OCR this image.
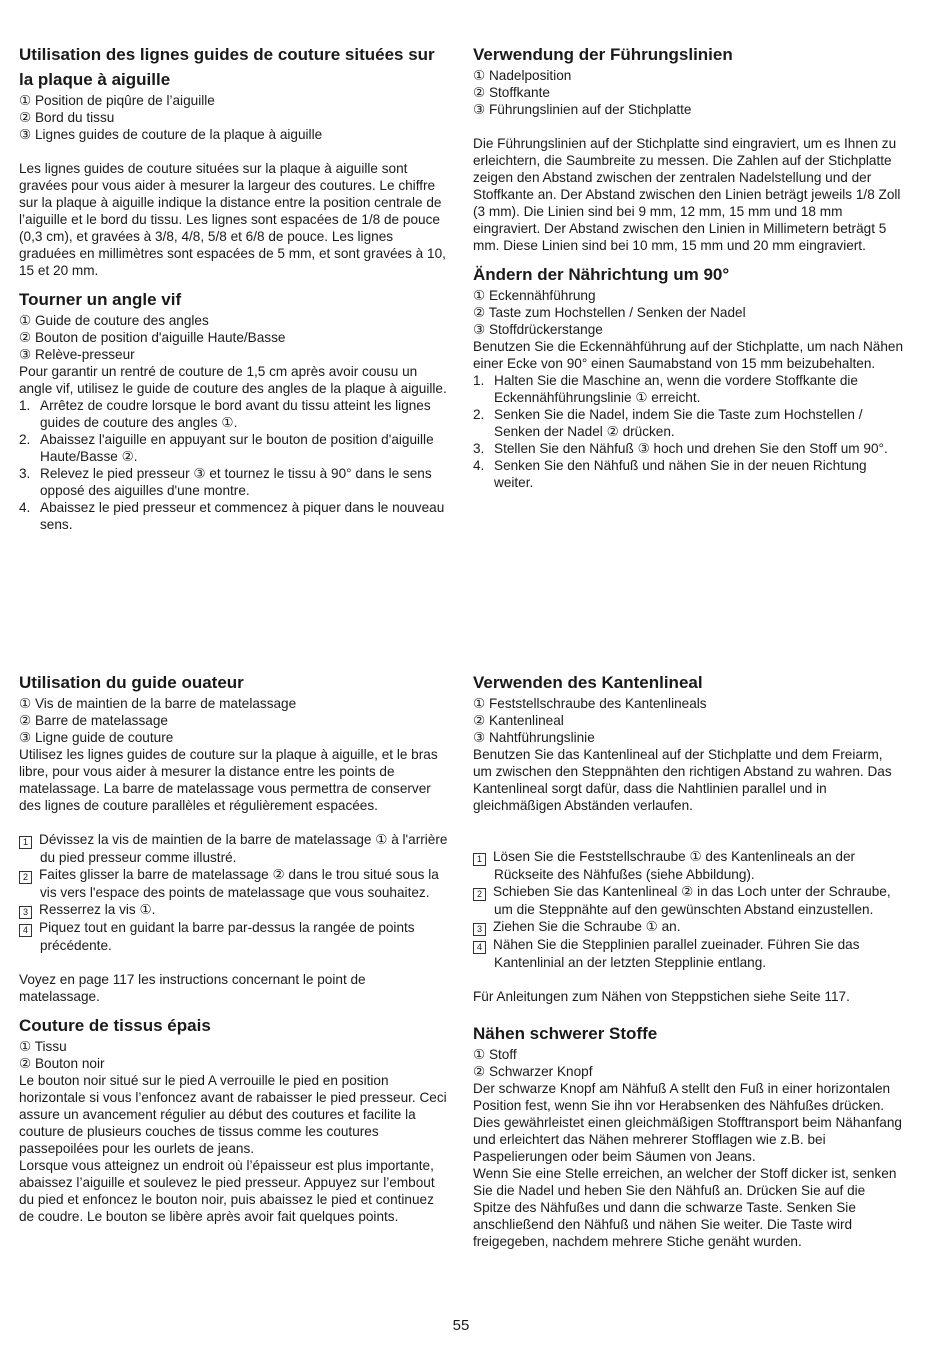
Utilisation des lignes guides de couture situées sur la plaque à aiguille
① Position de piqûre de l’aiguille
② Bord du tissu
③ Lignes guides de couture de la plaque à aiguille

Les lignes guides de couture situées sur la plaque à aiguille sont gravées pour vous aider à mesurer la largeur des coutures. Le chiffre sur la plaque à aiguille indique la distance entre la position centrale de l’aiguille et le bord du tissu. Les lignes sont espacées de 1/8 de pouce (0,3 cm), et gravées à 3/8, 4/8, 5/8 et 6/8 de pouce. Les lignes graduées en millimètres sont espacées de 5 mm, et sont gravées à 10, 15 et 20 mm.

Tourner un angle vif
① Guide de couture des angles
② Bouton de position d'aiguille Haute/Basse
③ Relève-presseur

Pour garantir un rentré de couture de 1,5 cm après avoir cousu un angle vif, utilisez le guide de couture des angles de la plaque à aiguille.

1. Arrêtez de coudre lorsque le bord avant du tissu atteint les lignes guides de couture des angles ①.
2. Abaissez l'aiguille en appuyant sur le bouton de position d'aiguille Haute/Basse ②.
3. Relevez le pied presseur ③ et tournez le tissu à 90° dans le sens opposé des aiguilles d'une montre.
4. Abaissez le pied presseur et commencez à piquer dans le nouveau sens.
Verwendung der Führungslinien
① Nadelposition
② Stoffkante
③ Führungslinien auf der Stichplatte

Die Führungslinien auf der Stichplatte sind eingraviert, um es Ihnen zu erleichtern, die Saumbreite zu messen. Die Zahlen auf der Stichplatte zeigen den Abstand zwischen der zentralen Nadelstellung und der Stoffkante an. Der Abstand zwischen den Linien beträgt jeweils 1/8 Zoll (3 mm). Die Linien sind bei 9 mm, 12 mm, 15 mm und 18 mm eingraviert. Der Abstand zwischen den Linien in Millimetern beträgt 5 mm. Diese Linien sind bei 10 mm, 15 mm und 20 mm eingraviert.

Ändern der Nährichtung um 90°
① Eckennähführung
② Taste zum Hochstellen / Senken der Nadel
③ Stoffdrückerstange

Benutzen Sie die Eckennähführung auf der Stichplatte, um nach Nähen einer Ecke von 90° einen Saumabstand von 15 mm beizubehalten.

1. Halten Sie die Maschine an, wenn die vordere Stoffkante die Eckennähführungslinie ① erreicht.
2. Senken Sie die Nadel, indem Sie die Taste zum Hochstellen / Senken der Nadel ② drücken.
3. Stellen Sie den Nähfuß ③ hoch und drehen Sie den Stoff um 90°.
4. Senken Sie den Nähfuß und nähen Sie in der neuen Richtung weiter.
Utilisation du guide ouateur
① Vis de maintien de la barre de matelassage
② Barre de matelassage
③ Ligne guide de couture

Utilisez les lignes guides de couture sur la plaque à aiguille, et le bras libre, pour vous aider à mesurer la distance entre les points de matelassage. La barre de matelassage vous permettra de conserver des lignes de couture parallèles et régulièrement espacées.

1 Dévissez la vis de maintien de la barre de matelassage ① à l'arrière du pied presseur comme illustré.
2 Faites glisser la barre de matelassage ② dans le trou situé sous la vis vers l'espace des points de matelassage que vous souhaitez.
3 Resserrez la vis ①.
4 Piquez tout en guidant la barre par-dessus la rangée de points précédente.

Voyez en page 117 les instructions concernant le point de matelassage.

Couture de tissus épais
① Tissu
② Bouton noir

Le bouton noir situé sur le pied A verrouille le pied en position horizontale si vous l’enfoncez avant de rabaisser le pied presseur. Ceci assure un avancement régulier au début des coutures et facilite la couture de plusieurs couches de tissus comme les coutures passepoilées pour les ourlets de jeans.

Lorsque vous atteignez un endroit où l’épaisseur est plus importante, abaissez l’aiguille et soulevez le pied presseur. Appuyez sur l’embout du pied et enfoncez le bouton noir, puis abaissez le pied et continuez de coudre. Le bouton se libère après avoir fait quelques points.

Verwenden des Kantenlineal
① Feststellschraube des Kantenlineals
② Kantenlineal
③ Nahtführungslinie

Benutzen Sie das Kantenlineal auf der Stichplatte und dem Freiarm, um zwischen den Steppnähten den richtigen Abstand zu wahren. Das Kantenlineal sorgt dafür, dass die Nahtlinien parallel und in gleichmäßigen Abständen verlaufen.

1 Lösen Sie die Feststellschraube ① des Kantenlineals an der Rückseite des Nähfußes (siehe Abbildung).
2 Schieben Sie das Kantenlineal ② in das Loch unter der Schraube, um die Steppnähte auf den gewünschten Abstand einzustellen.
3 Ziehen Sie die Schraube ① an.
4 Nähen Sie die Stepplinien parallel zueinader. Führen Sie das Kantenlinial an der letzten Stepplinie entlang.

Für Anleitungen zum Nähen von Steppstichen siehe Seite 117.

Nähen schwerer Stoffe
① Stoff
② Schwarzer Knopf

Der schwarze Knopf am Nähfuß A stellt den Fuß in einer horizontalen Position fest, wenn Sie ihn vor Herabsenken des Nähfußes drücken.

Dies gewährleistet einen gleichmäßigen Stofftransport beim Nähanfang und erleichtert das Nähen mehrerer Stofflagen wie z.B. bei Paspelierungen oder beim Säumen von Jeans.

Wenn Sie eine Stelle erreichen, an welcher der Stoff dicker ist, senken Sie die Nadel und heben Sie den Nähfuß an. Drücken Sie auf die Spitze des Nähfußes und dann die schwarze Taste. Senken Sie anschließend den Nähfuß und nähen Sie weiter. Die Taste wird freigegeben, nachdem mehrere Stiche genäht wurden.

55
